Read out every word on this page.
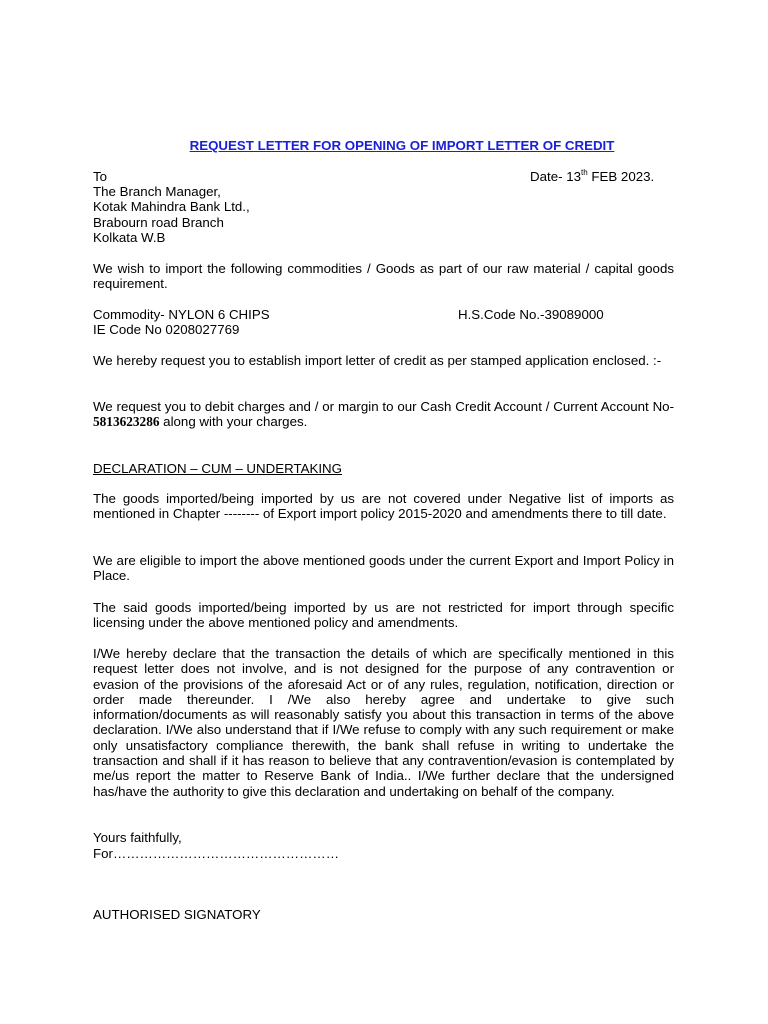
REQUEST LETTER FOR OPENING OF IMPORT LETTER OF CREDIT
To	Date- 13th FEB 2023.
The Branch Manager,
Kotak Mahindra Bank Ltd.,
Brabourn road Branch
Kolkata W.B
We wish to import the following commodities / Goods as part of our raw material / capital goods requirement.
Commodity- NYLON 6 CHIPS	H.S.Code No.-39089000
IE Code No 0208027769
We hereby request you to establish import letter of credit as per stamped application enclosed. :-
We request you to debit charges and / or margin to our Cash Credit Account / Current Account No-5813623286 along with your charges.
DECLARATION – CUM – UNDERTAKING
The goods imported/being imported by us are not covered under Negative list of imports as mentioned in Chapter -------- of Export import policy 2015-2020 and amendments there to till date.
We are eligible to import the above mentioned goods under the current Export and Import Policy in Place.
The said goods imported/being imported by us are not restricted for import through specific licensing under the above mentioned policy and amendments.
I/We hereby declare that the transaction the details of which are specifically mentioned in this request letter does not involve, and is not designed for the purpose of any contravention or evasion of the provisions of the aforesaid Act or of any rules, regulation, notification, direction or order made thereunder. I /We also hereby agree and undertake to give such information/documents as will reasonably satisfy you about this transaction in terms of the above declaration. I/We also understand that if I/We refuse to comply with any such requirement or make only unsatisfactory compliance therewith, the bank shall refuse in writing to undertake the transaction and shall if it has reason to believe that any contravention/evasion is contemplated by me/us report the matter to Reserve Bank of India.. I/We further declare that the undersigned has/have the authority to give this declaration and undertaking on behalf of the company.
Yours faithfully,
For……………………………………………
AUTHORISED SIGNATORY
